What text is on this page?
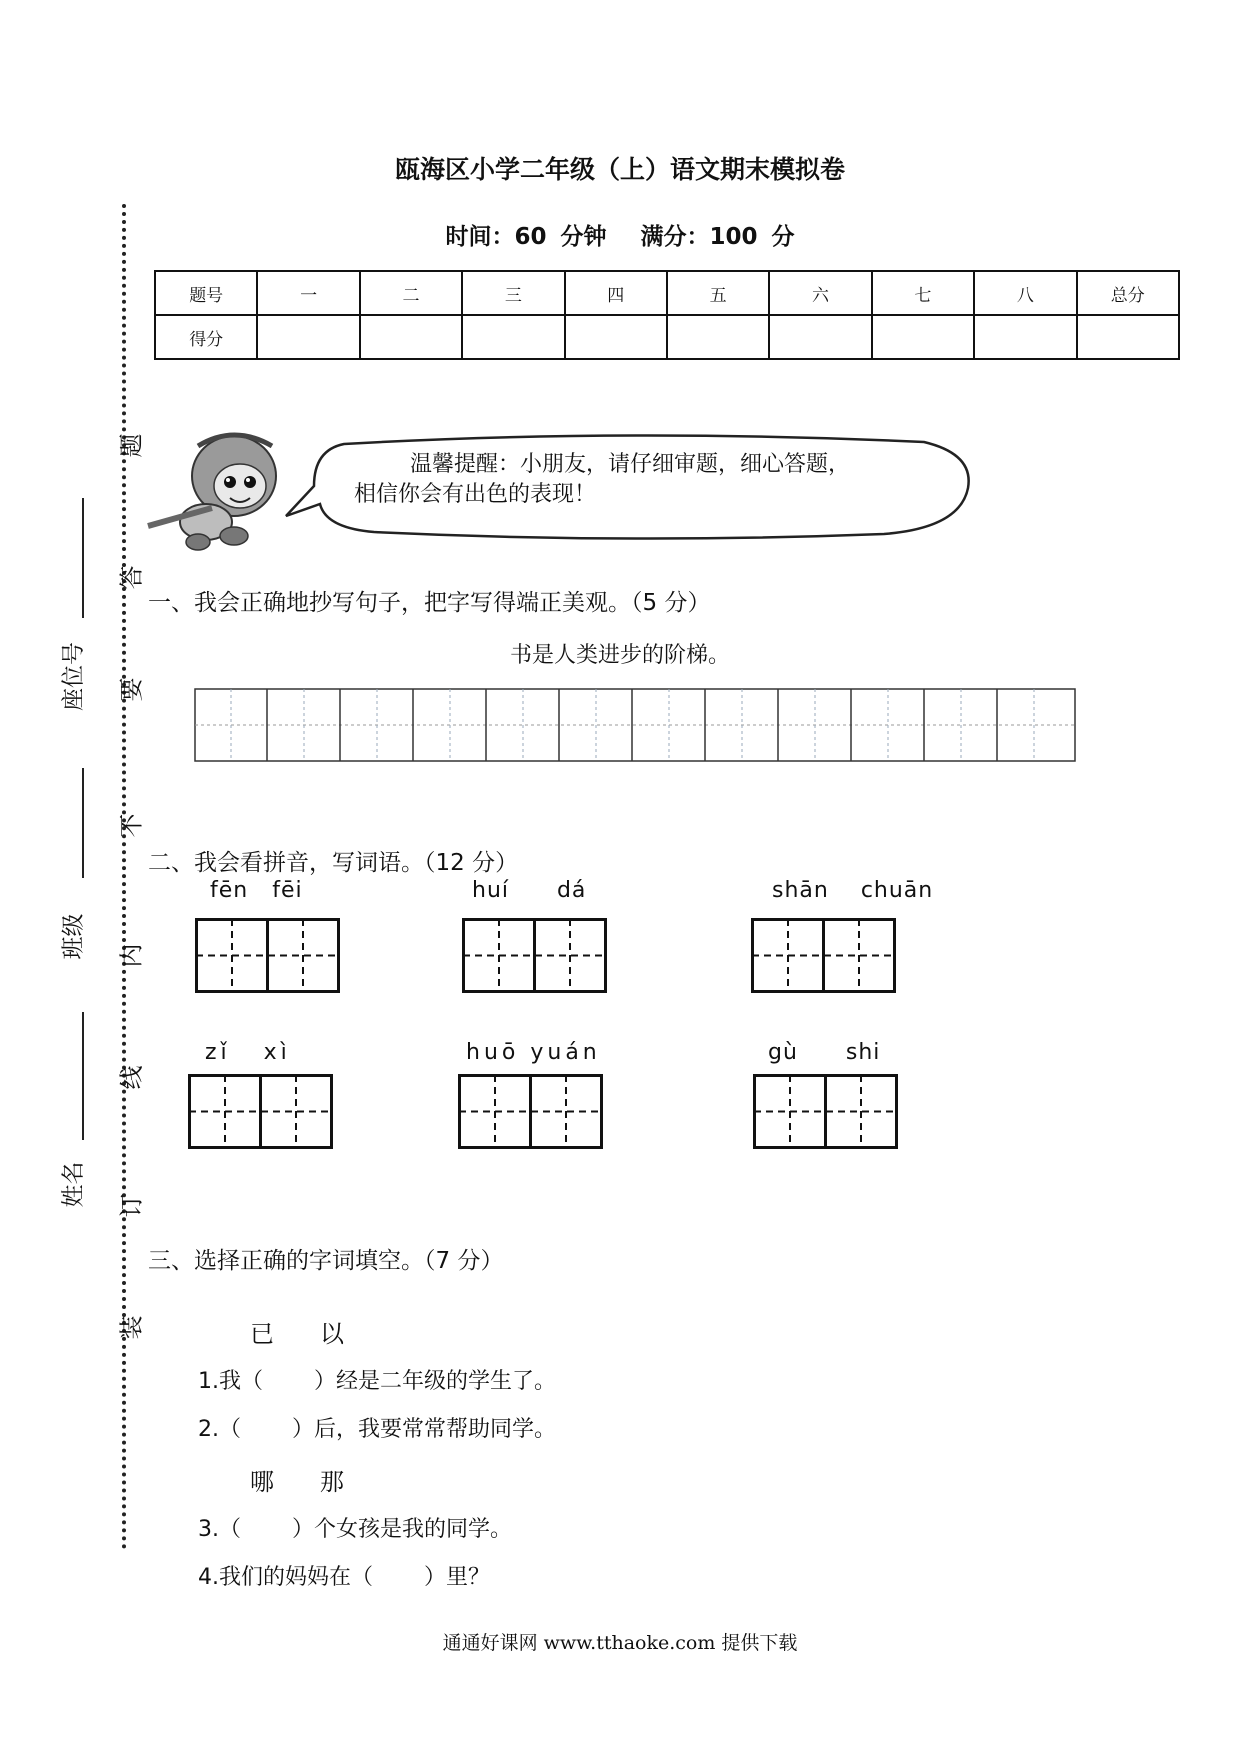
瓯海区小学二年级（上）语文期末模拟卷
时间：60 分钟 满分：100 分
题号	一	二	三	四	五	六	七	八	总分
得分									
题
答
要
不
内
线
订
装
座位号
班级
姓名
温馨提醒：小朋友，请仔细审题，细心答题，
相信你会有出色的表现！
一、我会正确地抄写句子，把字写得端正美观。（5 分）
书是人类进步的阶梯。
二、我会看拼音，写词语。（12 分）
fēn fēi	huí dá	shān chuān
zǐ xì	huō yuán	gù shi
三、选择正确的字词填空。（7 分）
已 以
1.我（　　 ）经是二年级的学生了。
2.（　　 ）后，我要常常帮助同学。
哪 那
3.（　　 ）个女孩是我的同学。
4.我们的妈妈在（　　 ）里？
通通好课网 www.tthaoke.com 提供下载
